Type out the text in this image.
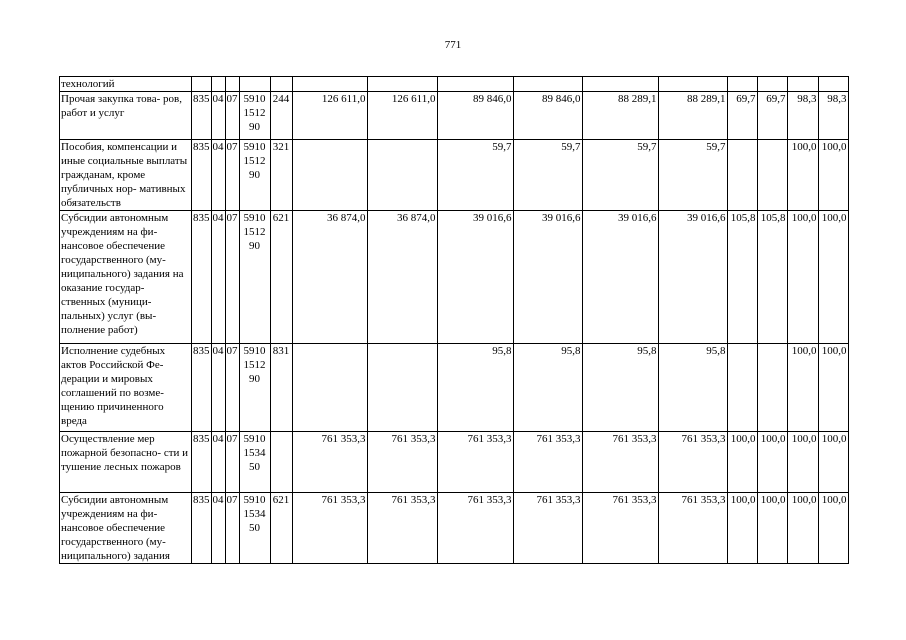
771
технологий															
Прочая закупка това- ров, работ и услуг	835	04	07	5910 1512 90	244	126 611,0	126 611,0	89 846,0	89 846,0	88 289,1	88 289,1	69,7	69,7	98,3	98,3
Пособия, компенсации и иные социальные выплаты гражданам, кроме публичных нор- мативных обязательств	835	04	07	5910 1512 90	321			59,7	59,7	59,7	59,7			100,0	100,0
Субсидии автономным учреждениям на фи- нансовое обеспечение государственного (му- ниципального) задания на оказание государ- ственных (муници- пальных) услуг (вы- полнение работ)	835	04	07	5910 1512 90	621	36 874,0	36 874,0	39 016,6	39 016,6	39 016,6	39 016,6	105,8	105,8	100,0	100,0
Исполнение судебных актов Российской Фе- дерации и мировых соглашений по возме- щению причиненного вреда	835	04	07	5910 1512 90	831			95,8	95,8	95,8	95,8			100,0	100,0
Осуществление мер пожарной безопасно- сти и тушение лесных пожаров	835	04	07	5910 1534 50		761 353,3	761 353,3	761 353,3	761 353,3	761 353,3	761 353,3	100,0	100,0	100,0	100,0
Субсидии автономным учреждениям на фи- нансовое обеспечение государственного (му- ниципального) задания	835	04	07	5910 1534 50	621	761 353,3	761 353,3	761 353,3	761 353,3	761 353,3	761 353,3	100,0	100,0	100,0	100,0
